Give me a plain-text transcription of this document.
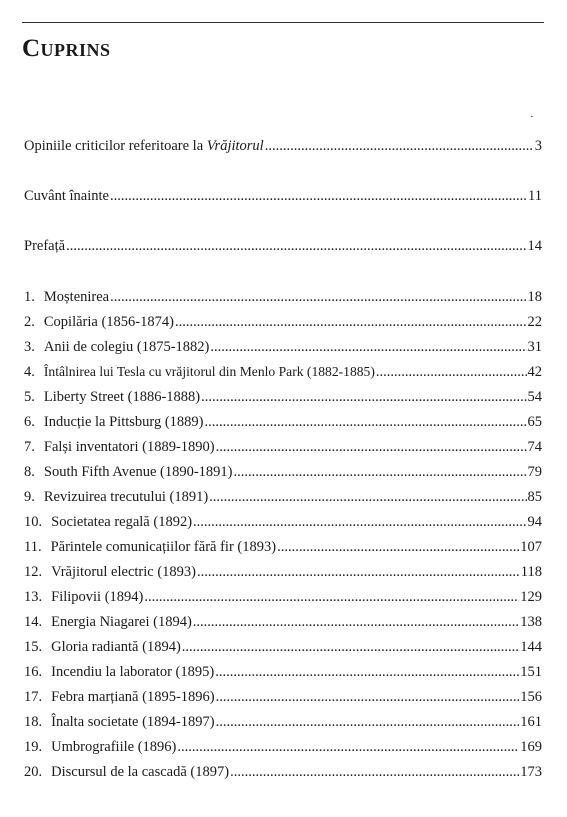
Cuprins
·
Opiniile criticilor referitoare la Vrăjitorul .....	3
Cuvânt înainte .....	11
Prefață .....	14
1. Moștenirea .....	18
2. Copilăria (1856-1874) .....	22
3. Anii de colegiu (1875-1882) .....	31
4. Întâlnirea lui Tesla cu vrăjitorul din Menlo Park (1882-1885) .....	42
5. Liberty Street (1886-1888) .....	54
6. Inducție la Pittsburg (1889) .....	65
7. Falși inventatori (1889-1890) .....	74
8. South Fifth Avenue (1890-1891) .....	79
9. Revizuirea trecutului (1891) .....	85
10. Societatea regală (1892) .....	94
11. Părintele comunicațiilor fără fir (1893) .....	107
12. Vrăjitorul electric (1893) .....	118
13. Filipovii (1894) .....	129
14. Energia Niagarei (1894) .....	138
15. Gloria radiantă (1894) .....	144
16. Incendiu la laborator (1895) .....	151
17. Febra marțiană (1895-1896) .....	156
18. Înalta societate (1894-1897) .....	161
19. Umbrografiile (1896) .....	169
20. Discursul de la cascadă (1897) .....	173
